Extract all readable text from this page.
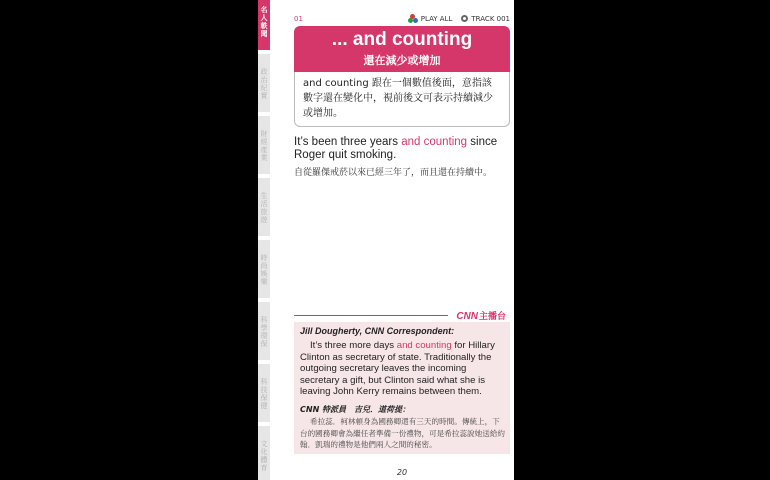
名人軼聞
政治紀實
財經產業
生活旅遊
時尚娛樂
科學環保
科技保健
文化體育
01	PLAY ALL	TRACK 001
... and counting
還在減少或增加
and counting 跟在一個數值後面，意指該數字還在變化中，視前後文可表示持續減少或增加。
It’s been three years and counting since Roger quit smoking.
自從羅傑戒菸以來已經三年了，而且還在持續中。
CNN主播台
Jill Dougherty, CNN Correspondent:
It’s three more days and counting for Hillary Clinton as secretary of state. Traditionally the outgoing secretary leaves the incoming secretary a gift, but Clinton said what she is leaving John Kerry remains between them.
CNN 特派員　吉兒．道荷提：
希拉蕊．柯林頓身為國務卿還有三天的時間。傳統上，下台的國務卿會為繼任者準備一份禮物，可是希拉蕊說她送給約翰．凱瑞的禮物是他們兩人之間的秘密。
20
